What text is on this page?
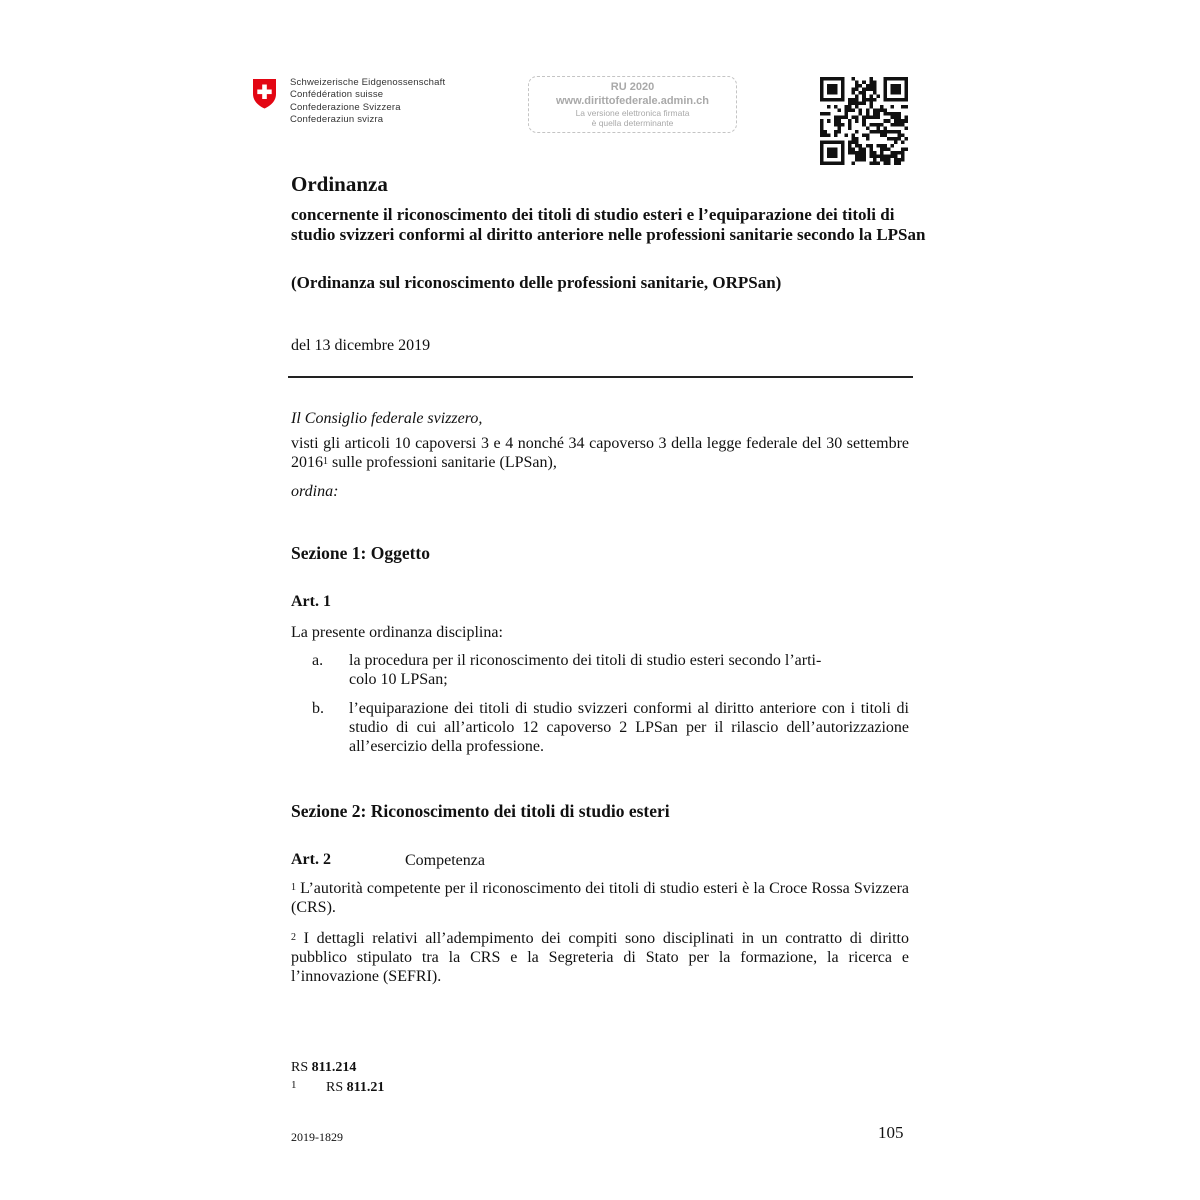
Schweizerische Eidgenossenschaft
Confédération suisse
Confederazione Svizzera
Confederaziun svizra
RU 2020
www.dirittofederale.admin.ch
La versione elettronica firmata
è quella determinante
Ordinanza
concernente il riconoscimento dei titoli di studio esteri e l’equiparazione dei titoli di studio svizzeri conformi al diritto anteriore nelle professioni sanitarie secondo la LPSan
(Ordinanza sul riconoscimento delle professioni sanitarie, ORPSan)
del 13 dicembre 2019
Il Consiglio federale svizzero,
visti gli articoli 10 capoversi 3 e 4 nonché 34 capoverso 3 della legge federale del 30 settembre 2016$^1$ sulle professioni sanitarie (LPSan),
ordina:
Sezione 1: Oggetto
Art. 1
La presente ordinanza disciplina:
a. la procedura per il riconoscimento dei titoli di studio esteri secondo l’arti-
colo 10 LPSan;
b. l’equiparazione dei titoli di studio svizzeri conformi al diritto anteriore con i titoli di studio di cui all’articolo 12 capoverso 2 LPSan per il rilascio dell’autorizzazione all’esercizio della professione.
Sezione 2: Riconoscimento dei titoli di studio esteri
Art. 2	Competenza
$^1$ L’autorità competente per il riconoscimento dei titoli di studio esteri è la Croce Rossa Svizzera (CRS).
$^2$ I dettagli relativi all’adempimento dei compiti sono disciplinati in un contratto di diritto pubblico stipulato tra la CRS e la Segreteria di Stato per la formazione, la ricerca e l’innovazione (SEFRI).
RS 811.214
$^1$ RS 811.21
2019-1829	105
